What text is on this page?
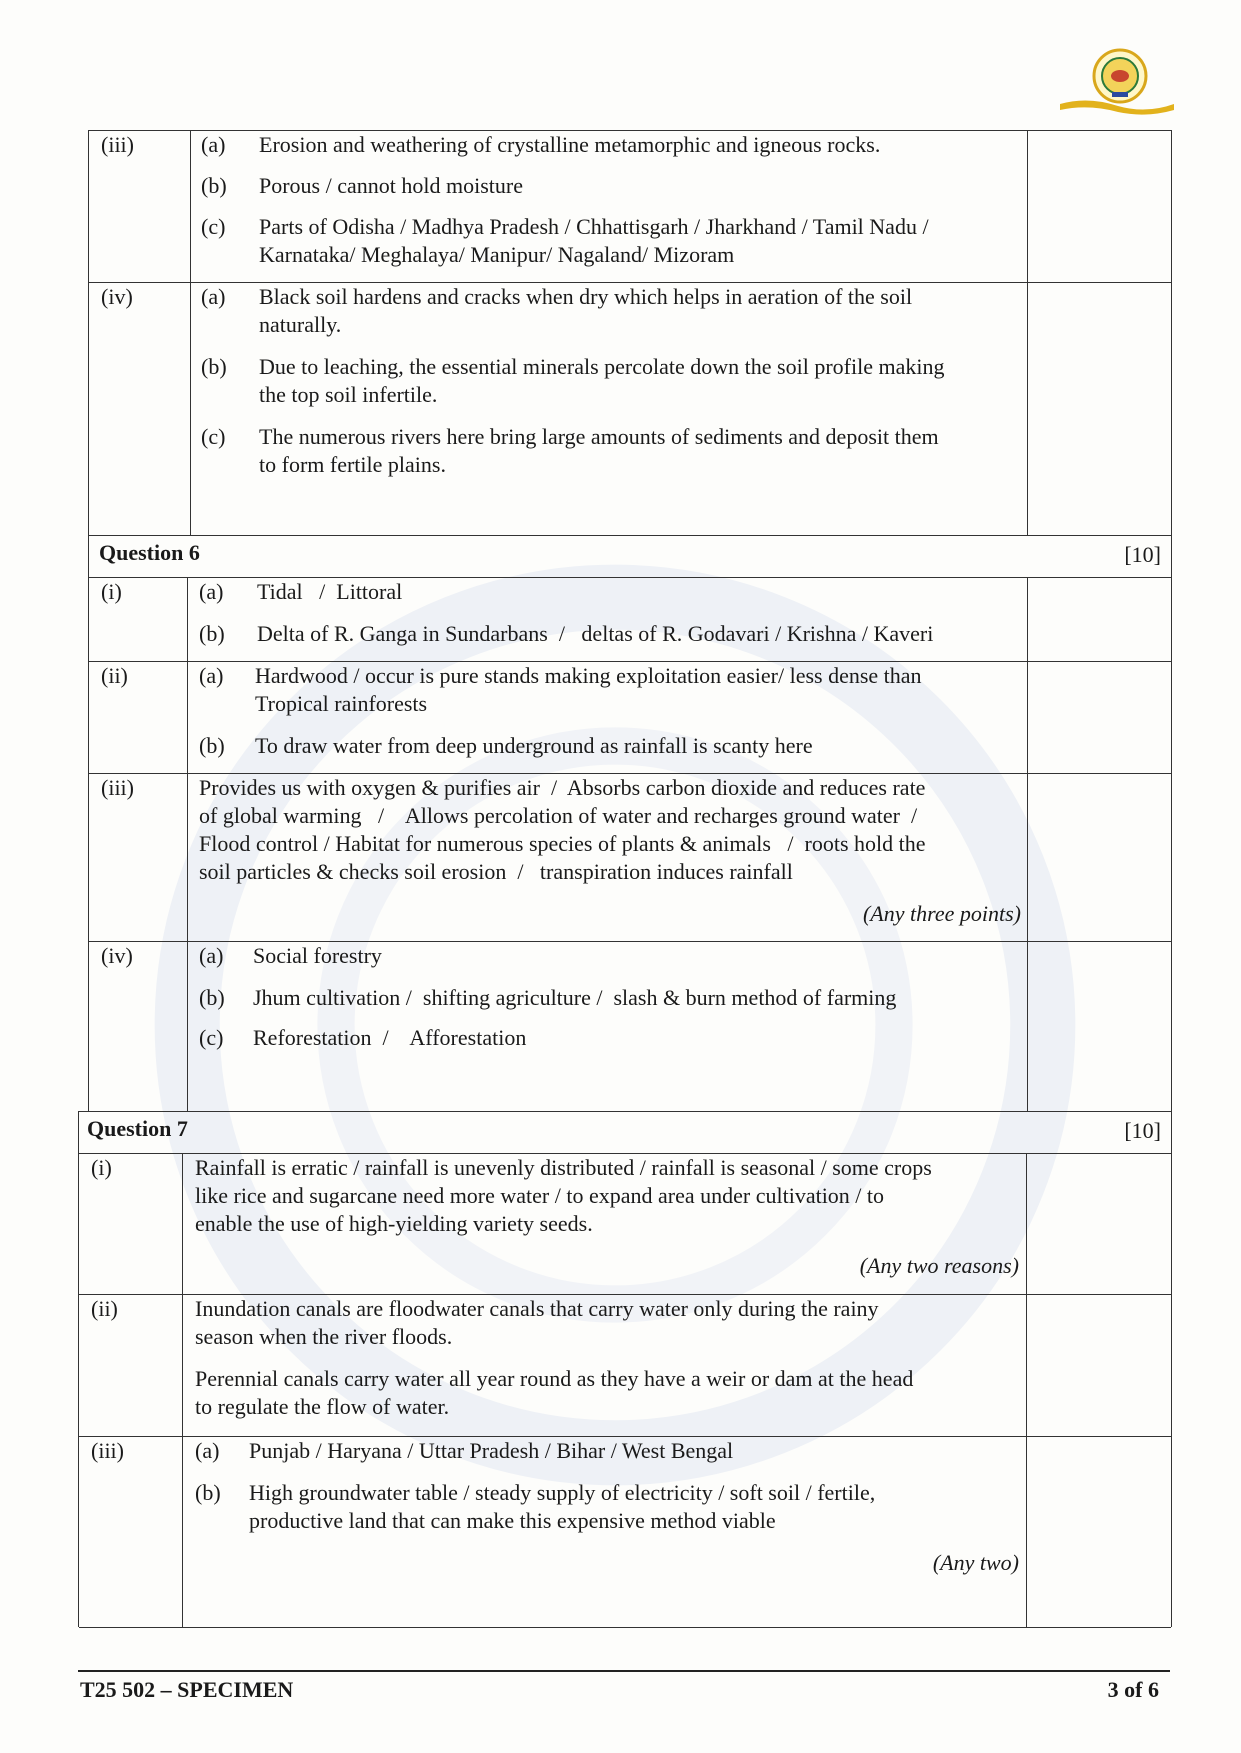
(iii)	(a) Erosion and weathering of crystalline metamorphic and igneous rocks.
(b) Porous / cannot hold moisture
(c) Parts of Odisha / Madhya Pradesh / Chhattisgarh / Jharkhand / Tamil Nadu /
Karnataka/ Meghalaya/ Manipur/ Nagaland/ Mizoram
(iv)	(a) Black soil hardens and cracks when dry which helps in aeration of the soil
naturally.
(b) Due to leaching, the essential minerals percolate down the soil profile making
the top soil infertile.
(c) The numerous rivers here bring large amounts of sediments and deposit them
to form fertile plains.
Question 6	[10]
(i)	(a) Tidal   /  Littoral
(b) Delta of R. Ganga in Sundarbans  /   deltas of R. Godavari / Krishna / Kaveri
(ii)	(a) Hardwood / occur is pure stands making exploitation easier/ less dense than
Tropical rainforests
(b) To draw water from deep underground as rainfall is scanty here
(iii)	Provides us with oxygen & purifies air  /  Absorbs carbon dioxide and reduces rate
of global warming   /    Allows percolation of water and recharges ground water  /
Flood control / Habitat for numerous species of plants & animals   /  roots hold the
soil particles & checks soil erosion  /   transpiration induces rainfall
(Any three points)
(iv)	(a) Social forestry
(b) Jhum cultivation /  shifting agriculture /  slash & burn method of farming
(c) Reforestation  /    Afforestation
Question 7	[10]
(i)	Rainfall is erratic / rainfall is unevenly distributed / rainfall is seasonal / some crops
like rice and sugarcane need more water / to expand area under cultivation / to
enable the use of high-yielding variety seeds.
(Any two reasons)
(ii)	Inundation canals are floodwater canals that carry water only during the rainy
season when the river floods.
Perennial canals carry water all year round as they have a weir or dam at the head
to regulate the flow of water.
(iii)	(a) Punjab / Haryana / Uttar Pradesh / Bihar / West Bengal
(b) High groundwater table / steady supply of electricity / soft soil / fertile,
productive land that can make this expensive method viable
(Any two)
T25 502 – SPECIMEN	3 of 6
